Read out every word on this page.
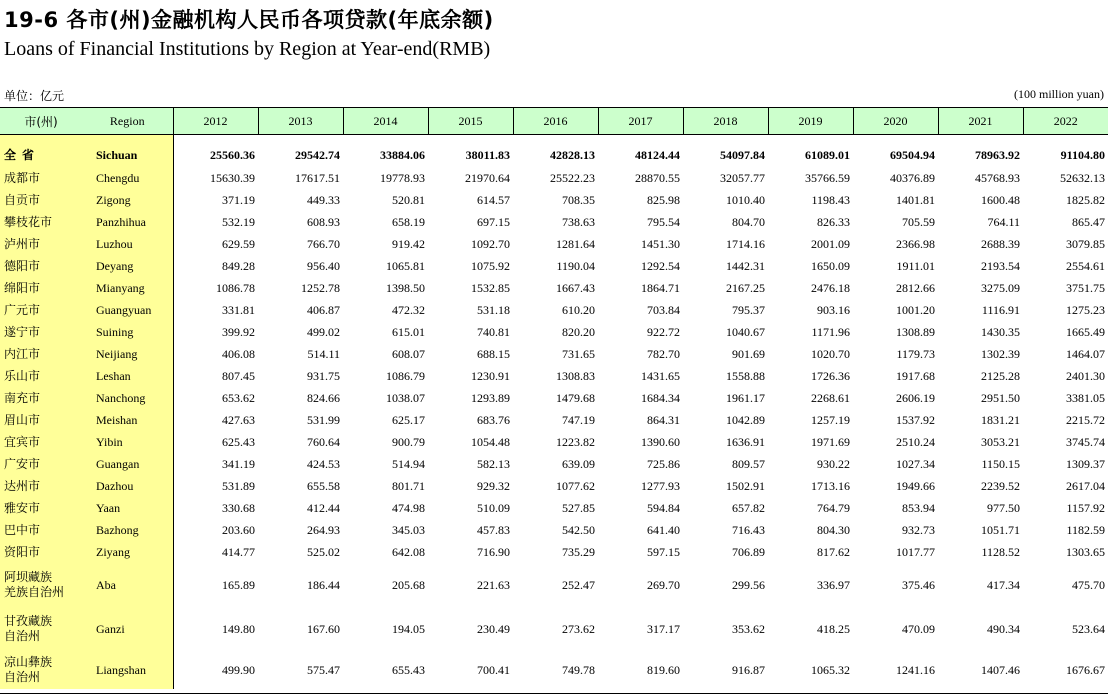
19-6 各市(州)金融机构人民币各项贷款(年底余额)
Loans of Financial Institutions by Region at Year-end(RMB)
单位：亿元	(100 million yuan)
市(州)	Region	2012	2013	2014	2015	2016	2017	2018	2019	2020	2021	2022

全省	Sichuan	25560.36	29542.74	33884.06	38011.83	42828.13	48124.44	54097.84	61089.01	69504.94	78963.92	91104.80
成都市	Chengdu	15630.39	17617.51	19778.93	21970.64	25522.23	28870.55	32057.77	35766.59	40376.89	45768.93	52632.13
自贡市	Zigong	371.19	449.33	520.81	614.57	708.35	825.98	1010.40	1198.43	1401.81	1600.48	1825.82
攀枝花市	Panzhihua	532.19	608.93	658.19	697.15	738.63	795.54	804.70	826.33	705.59	764.11	865.47
泸州市	Luzhou	629.59	766.70	919.42	1092.70	1281.64	1451.30	1714.16	2001.09	2366.98	2688.39	3079.85
德阳市	Deyang	849.28	956.40	1065.81	1075.92	1190.04	1292.54	1442.31	1650.09	1911.01	2193.54	2554.61
绵阳市	Mianyang	1086.78	1252.78	1398.50	1532.85	1667.43	1864.71	2167.25	2476.18	2812.66	3275.09	3751.75
广元市	Guangyuan	331.81	406.87	472.32	531.18	610.20	703.84	795.37	903.16	1001.20	1116.91	1275.23
遂宁市	Suining	399.92	499.02	615.01	740.81	820.20	922.72	1040.67	1171.96	1308.89	1430.35	1665.49
内江市	Neijiang	406.08	514.11	608.07	688.15	731.65	782.70	901.69	1020.70	1179.73	1302.39	1464.07
乐山市	Leshan	807.45	931.75	1086.79	1230.91	1308.83	1431.65	1558.88	1726.36	1917.68	2125.28	2401.30
南充市	Nanchong	653.62	824.66	1038.07	1293.89	1479.68	1684.34	1961.17	2268.61	2606.19	2951.50	3381.05
眉山市	Meishan	427.63	531.99	625.17	683.76	747.19	864.31	1042.89	1257.19	1537.92	1831.21	2215.72
宜宾市	Yibin	625.43	760.64	900.79	1054.48	1223.82	1390.60	1636.91	1971.69	2510.24	3053.21	3745.74
广安市	Guangan	341.19	424.53	514.94	582.13	639.09	725.86	809.57	930.22	1027.34	1150.15	1309.37
达州市	Dazhou	531.89	655.58	801.71	929.32	1077.62	1277.93	1502.91	1713.16	1949.66	2239.52	2617.04
雅安市	Yaan	330.68	412.44	474.98	510.09	527.85	594.84	657.82	764.79	853.94	977.50	1157.92
巴中市	Bazhong	203.60	264.93	345.03	457.83	542.50	641.40	716.43	804.30	932.73	1051.71	1182.59
资阳市	Ziyang	414.77	525.02	642.08	716.90	735.29	597.15	706.89	817.62	1017.77	1128.52	1303.65

阿坝藏族
羌族自治州	Aba	165.89	186.44	205.68	221.63	252.47	269.70	299.56	336.97	375.46	417.34	475.70

甘孜藏族
自治州	Ganzi	149.80	167.60	194.05	230.49	273.62	317.17	353.62	418.25	470.09	490.34	523.64

凉山彝族
自治州	Liangshan	499.90	575.47	655.43	700.41	749.78	819.60	916.87	1065.32	1241.16	1407.46	1676.67
